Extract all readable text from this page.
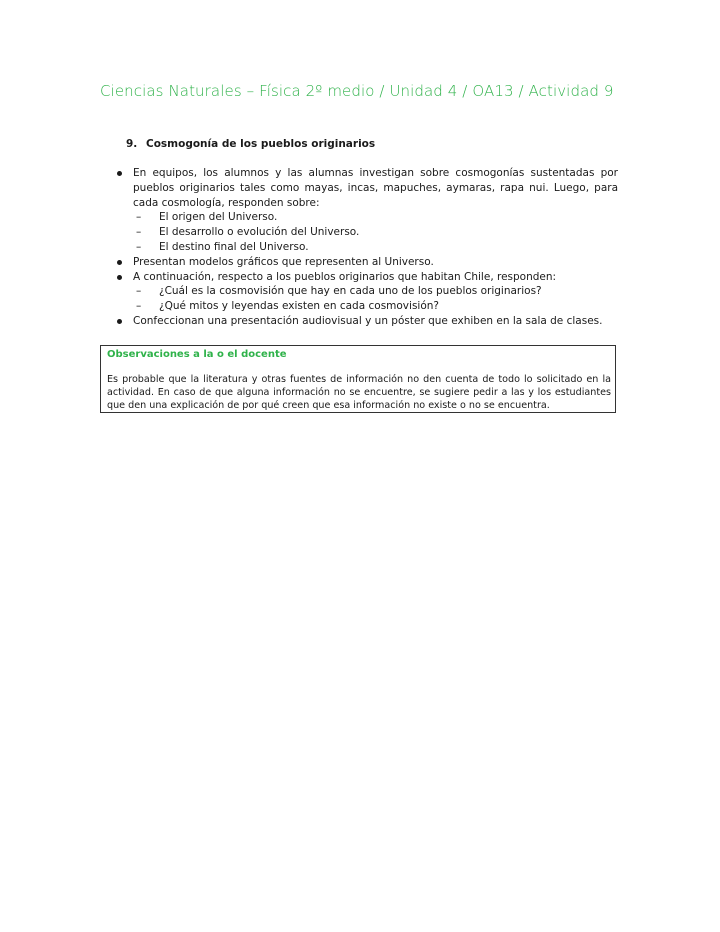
Ciencias Naturales – Física 2º medio / Unidad 4 / OA13 / Actividad 9
9. Cosmogonía de los pueblos originarios
En equipos, los alumnos y las alumnas investigan sobre cosmogonías sustentadas por pueblos originarios tales como mayas, incas, mapuches, aymaras, rapa nui. Luego, para cada cosmología, responden sobre:
– El origen del Universo.
– El desarrollo o evolución del Universo.
– El destino final del Universo.
Presentan modelos gráficos que representen al Universo.
A continuación, respecto a los pueblos originarios que habitan Chile, responden:
– ¿Cuál es la cosmovisión que hay en cada uno de los pueblos originarios?
– ¿Qué mitos y leyendas existen en cada cosmovisión?
Confeccionan una presentación audiovisual y un póster que exhiben en la sala de clases.
Observaciones a la o el docente
Es probable que la literatura y otras fuentes de información no den cuenta de todo lo solicitado en la actividad. En caso de que alguna información no se encuentre, se sugiere pedir a las y los estudiantes que den una explicación de por qué creen que esa información no existe o no se encuentra.
